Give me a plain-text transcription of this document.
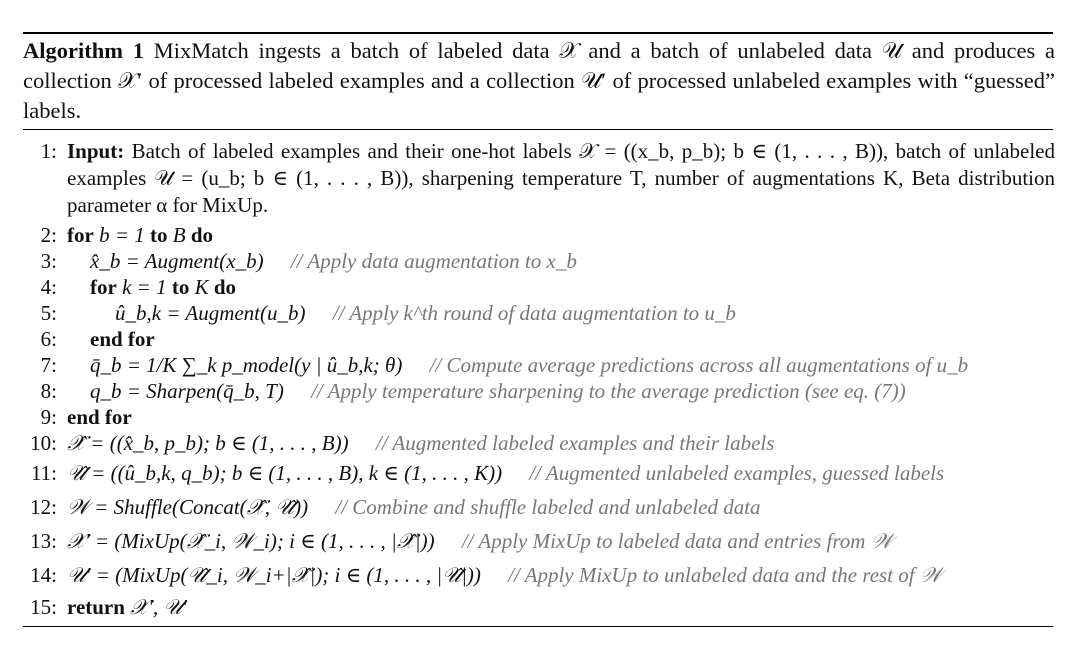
Algorithm 1 MixMatch ingests a batch of labeled data 𝒳 and a batch of unlabeled data 𝒰 and produces a collection 𝒳′ of processed labeled examples and a collection 𝒰′ of processed unlabeled examples with “guessed” labels.
1: Input: Batch of labeled examples and their one-hot labels 𝒳 = ((x_b, p_b); b ∈ (1, . . . , B)), batch of unlabeled examples 𝒰 = (u_b; b ∈ (1, . . . , B)), sharpening temperature T, number of augmentations K, Beta distribution parameter α for MixUp.
2: for b = 1 to B do
3: x̂_b = Augment(x_b) // Apply data augmentation to x_b
4: for k = 1 to K do
5:	û_b,k = Augment(u_b) // Apply k^th round of data augmentation to u_b
6: end for
7: q̄_b = 1/K ∑_k p_model(y | û_b,k; θ) // Compute average predictions across all augmentations of u_b
8: q_b = Sharpen(q̄_b, T) // Apply temperature sharpening to the average prediction (see eq. (7))
9: end for
10: 𝒳̂ = ((x̂_b, p_b); b ∈ (1, . . . , B)) // Augmented labeled examples and their labels
11: 𝒰̂ = ((û_b,k, q_b); b ∈ (1, . . . , B), k ∈ (1, . . . , K)) // Augmented unlabeled examples, guessed labels
12: 𝒲 = Shuffle(Concat(𝒳̂, 𝒰̂)) // Combine and shuffle labeled and unlabeled data
13: 𝒳′ = (MixUp(𝒳̂_i, 𝒲_i); i ∈ (1, . . . , |𝒳̂|)) // Apply MixUp to labeled data and entries from 𝒲
14: 𝒰′ = (MixUp(𝒰̂_i, 𝒲_i+|𝒳̂|); i ∈ (1, . . . , |𝒰̂|)) // Apply MixUp to unlabeled data and the rest of 𝒲
15: return 𝒳′, 𝒰′
